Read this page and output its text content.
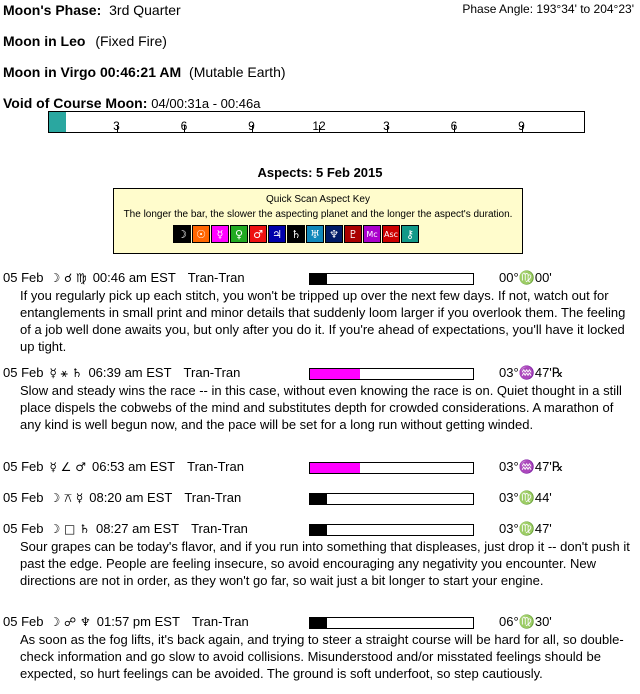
Moon's Phase: 3rd Quarter	Phase Angle: 193°34' to 204°23'
Moon in Leo (Fixed Fire)
Moon in Virgo 00:46:21 AM (Mutable Earth)
Void of Course Moon: 04/00:31a - 00:46a
3	6	9	12	3	6	9
Aspects: 5 Feb 2015
Quick Scan Aspect Key
The longer the bar, the slower the aspecting planet and the longer the aspect's duration.
☽ ☉ ☿	♀ ♂ ♃ ♄ ♅ ♆ ♇	Mc Asc ⚷
05 Feb ☽ ☌ ♍ 00:46 am EST Tran-Tran	00°♍00'
If you regularly pick up each stitch, you won't be tripped up over the next few days. If not, watch out for entanglements in small print and minor details that suddenly loom larger if you overlook them. The feeling of a job well done awaits you, but only after you do it. If you're ahead of expectations, you'll have it locked up tight.
05 Feb ☿ ⚹ ♄ 06:39 am EST Tran-Tran	03°♒47'℞
Slow and steady wins the race -- in this case, without even knowing the race is on. Quiet thought in a still place dispels the cobwebs of the mind and substitutes depth for crowded considerations. A marathon of any kind is well begun now, and the pace will be set for a long run without getting winded.
05 Feb ☿ ∠ ♂ 06:53 am EST Tran-Tran	03°♒47'℞
05 Feb ☽ ⚻ ☿ 08:20 am EST Tran-Tran	03°♍44'
05 Feb ☽ □ ♄ 08:27 am EST Tran-Tran	03°♍47'
Sour grapes can be today's flavor, and if you run into something that displeases, just drop it -- don't push it past the edge. People are feeling insecure, so avoid encouraging any negativity you encounter. New directions are not in order, as they won't go far, so wait just a bit longer to start your engine.
05 Feb ☽ ☍ ♆ 01:57 pm EST Tran-Tran	06°♍30'
As soon as the fog lifts, it's back again, and trying to steer a straight course will be hard for all, so double-check information and go slow to avoid collisions. Misunderstood and/or misstated feelings should be expected, so hurt feelings can be avoided. The ground is soft underfoot, so step cautiously.
